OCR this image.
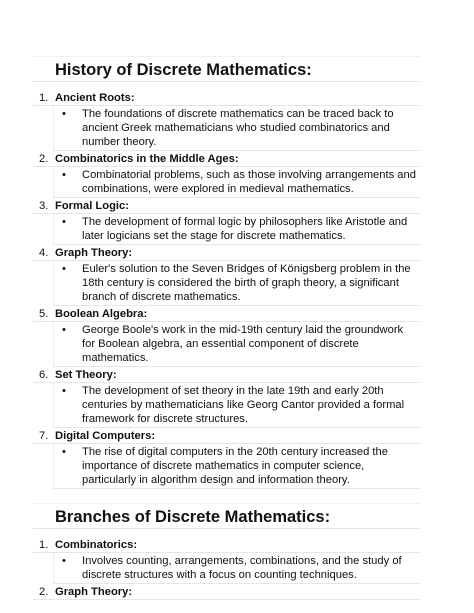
History of Discrete Mathematics:
1. Ancient Roots:
• The foundations of discrete mathematics can be traced back to ancient Greek mathematicians who studied combinatorics and number theory.
2. Combinatorics in the Middle Ages:
• Combinatorial problems, such as those involving arrangements and combinations, were explored in medieval mathematics.
3. Formal Logic:
• The development of formal logic by philosophers like Aristotle and later logicians set the stage for discrete mathematics.
4. Graph Theory:
• Euler's solution to the Seven Bridges of Königsberg problem in the 18th century is considered the birth of graph theory, a significant branch of discrete mathematics.
5. Boolean Algebra:
• George Boole's work in the mid-19th century laid the groundwork for Boolean algebra, an essential component of discrete mathematics.
6. Set Theory:
• The development of set theory in the late 19th and early 20th centuries by mathematicians like Georg Cantor provided a formal framework for discrete structures.
7. Digital Computers:
• The rise of digital computers in the 20th century increased the importance of discrete mathematics in computer science, particularly in algorithm design and information theory.
Branches of Discrete Mathematics:
1. Combinatorics:
• Involves counting, arrangements, combinations, and the study of discrete structures with a focus on counting techniques.
2. Graph Theory:
